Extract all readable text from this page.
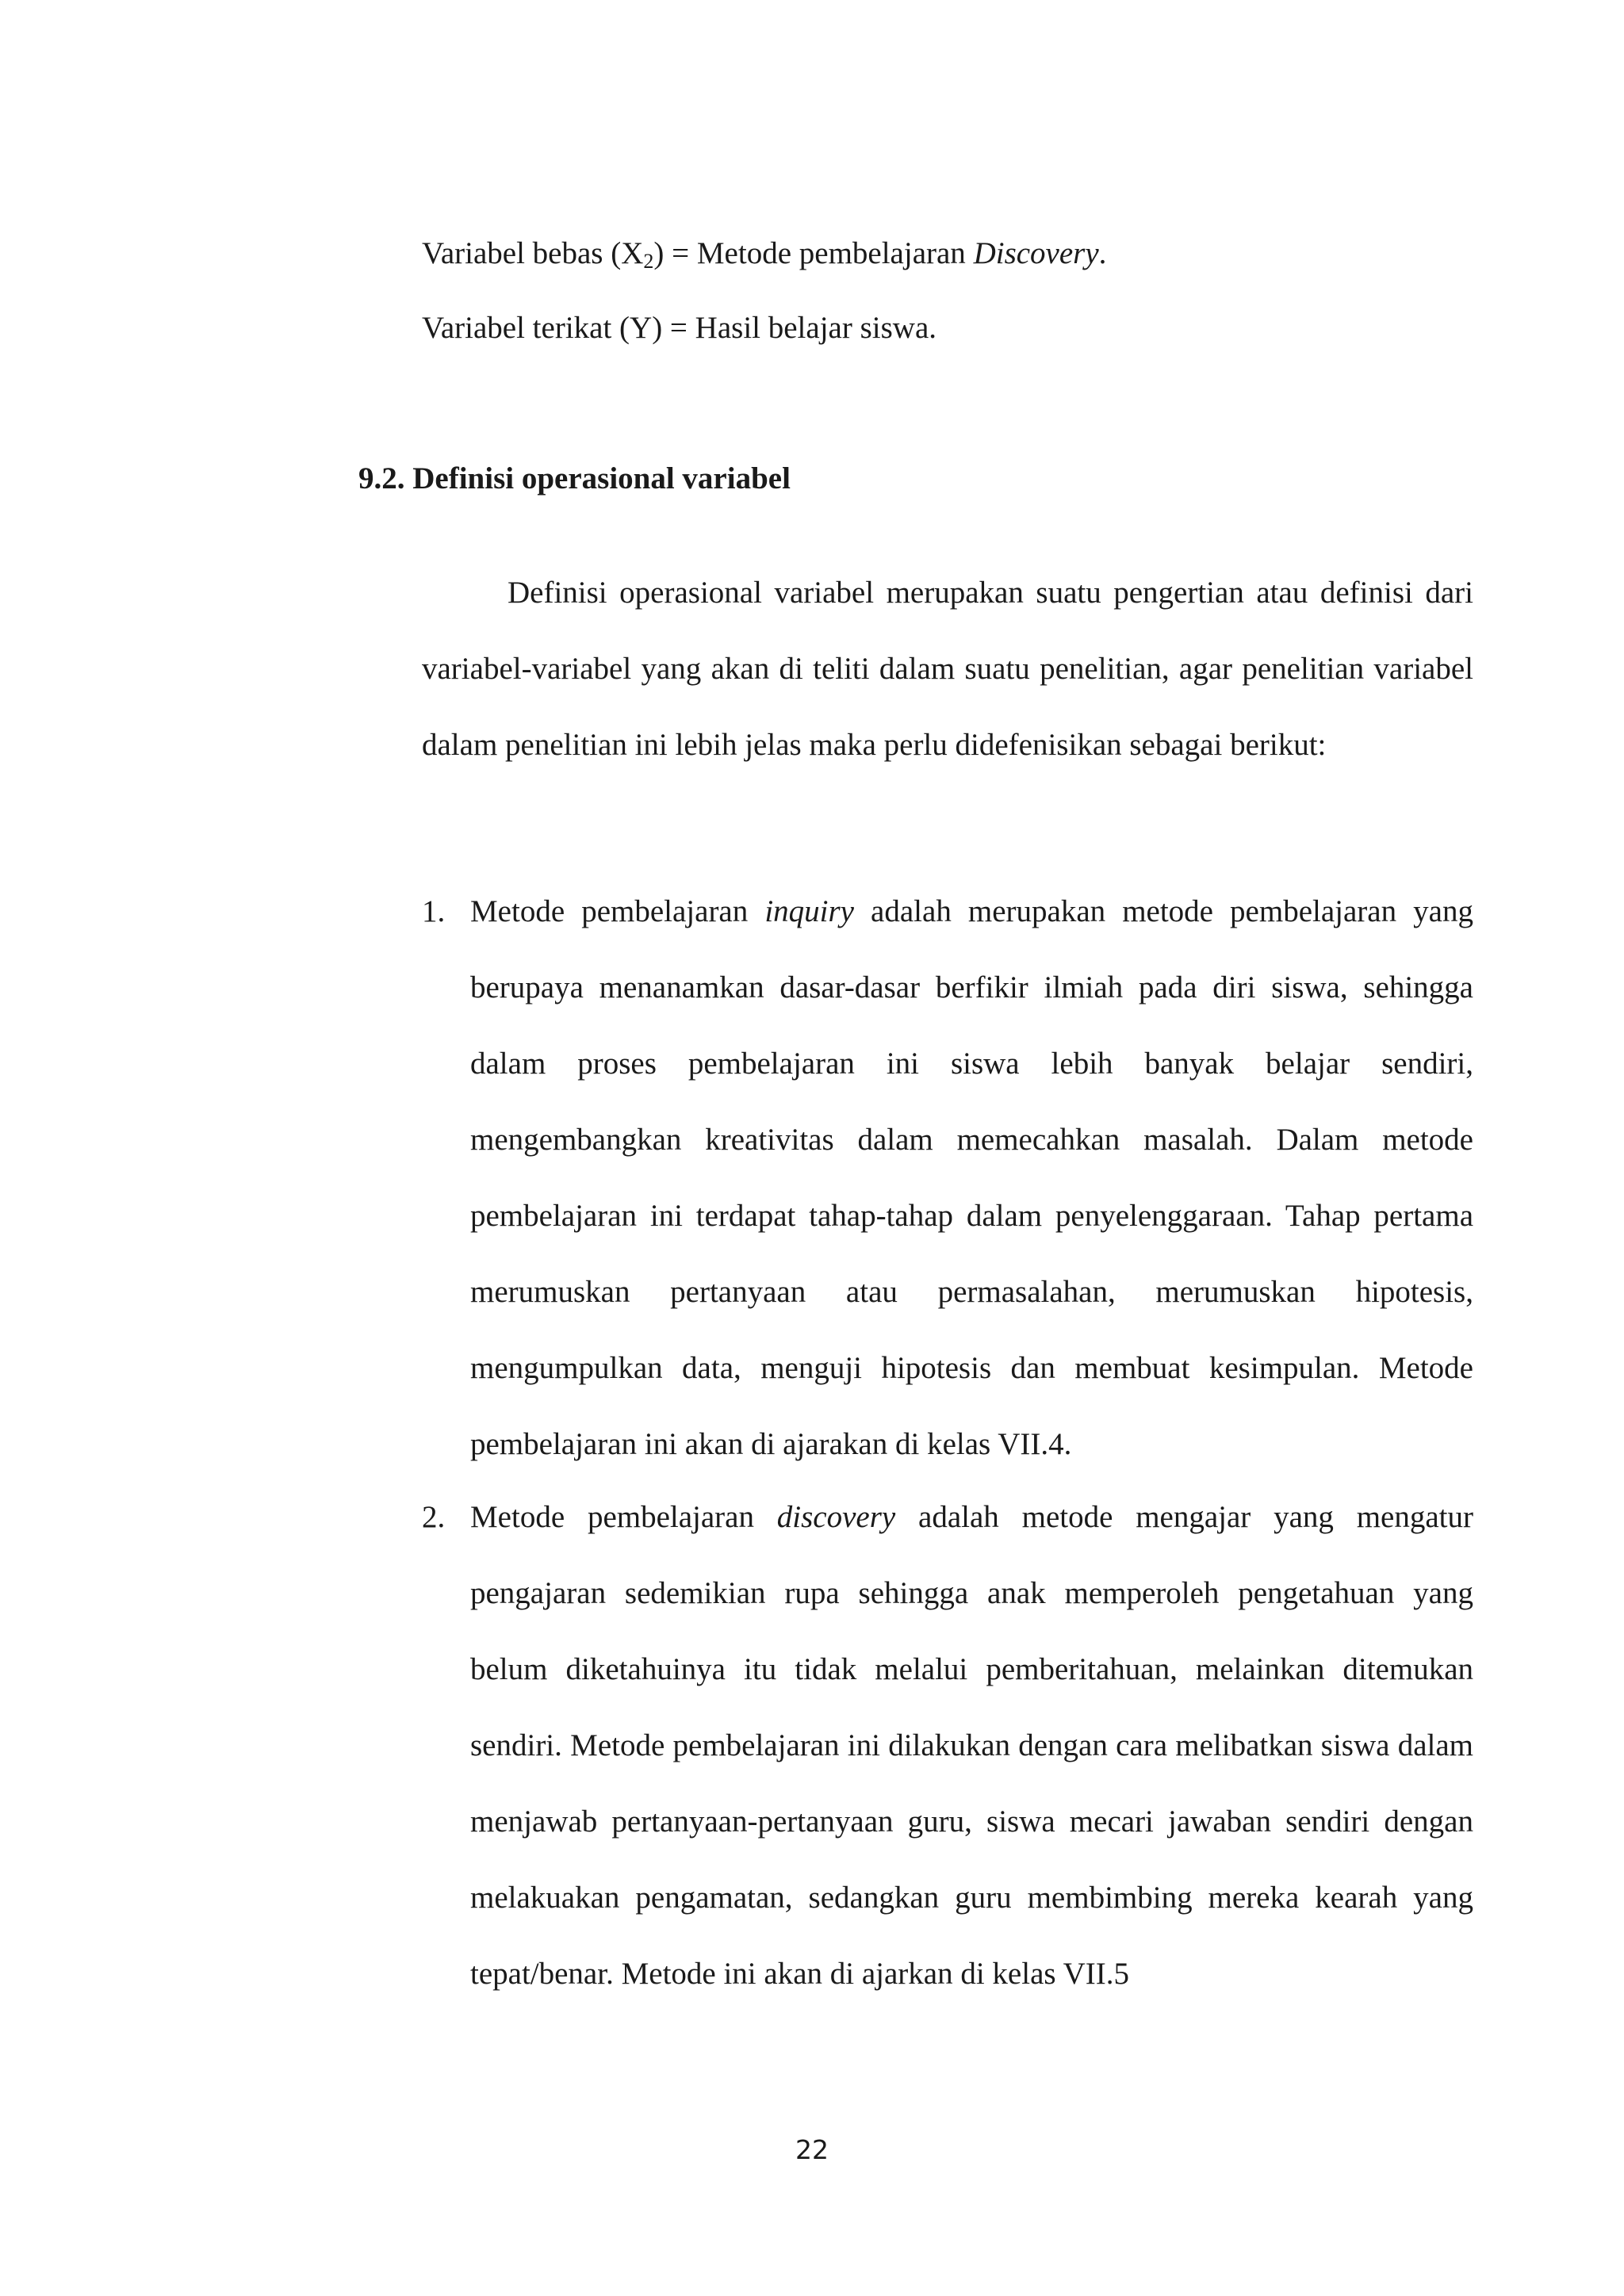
Variabel bebas $(X_2)$ = Metode pembelajaran Discovery.
Variabel terikat (Y) = Hasil belajar siswa.
9.2. Definisi operasional variabel

Definisi operasional variabel merupakan suatu pengertian atau definisi dari variabel-variabel yang akan di teliti dalam suatu penelitian, agar penelitian variabel dalam penelitian ini lebih jelas maka perlu didefenisikan sebagai berikut:

1. Metode pembelajaran inquiry adalah merupakan metode pembelajaran yang berupaya menanamkan dasar-dasar berfikir ilmiah pada diri siswa, sehingga dalam proses pembelajaran ini siswa lebih banyak belajar sendiri, mengembangkan kreativitas dalam memecahkan masalah. Dalam metode pembelajaran ini terdapat tahap-tahap dalam penyelenggaraan. Tahap pertama merumuskan pertanyaan atau permasalahan, merumuskan hipotesis, mengumpulkan data, menguji hipotesis dan membuat kesimpulan. Metode pembelajaran ini akan di ajarakan di kelas VII.4.

2. Metode pembelajaran discovery adalah metode mengajar yang mengatur pengajaran sedemikian rupa sehingga anak memperoleh pengetahuan yang belum diketahuinya itu tidak melalui pemberitahuan, melainkan ditemukan sendiri. Metode pembelajaran ini dilakukan dengan cara melibatkan siswa dalam menjawab pertanyaan-pertanyaan guru, siswa mecari jawaban sendiri dengan melakuakan pengamatan, sedangkan guru membimbing mereka kearah yang tepat/benar. Metode ini akan di ajarkan di kelas VII.5

22
